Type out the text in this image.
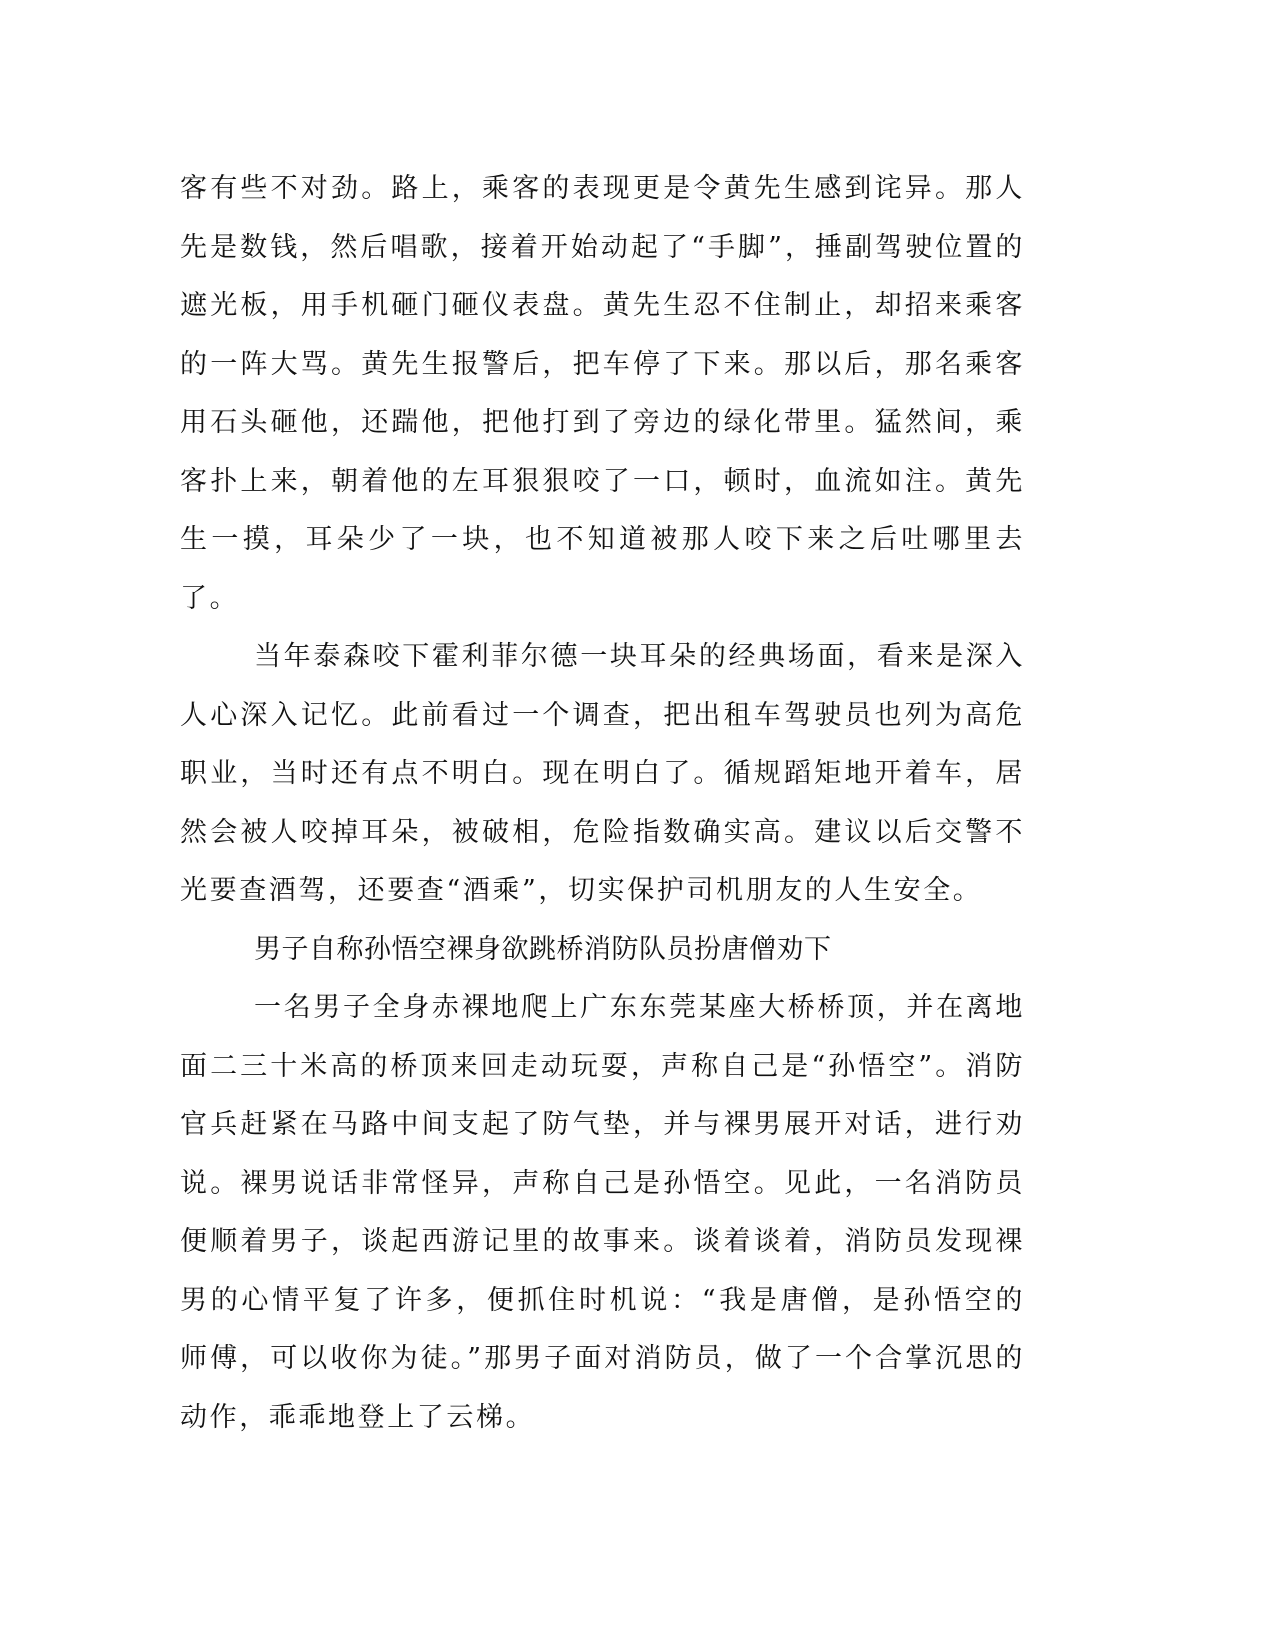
客有些不对劲。路上，乘客的表现更是令黄先生感到诧异。那人先是数钱，然后唱歌，接着开始动起了“手脚”，捶副驾驶位置的遮光板，用手机砸门砸仪表盘。黄先生忍不住制止，却招来乘客的一阵大骂。黄先生报警后，把车停了下来。那以后，那名乘客用石头砸他，还踹他，把他打到了旁边的绿化带里。猛然间，乘客扑上来，朝着他的左耳狠狠咬了一口，顿时，血流如注。黄先生一摸，耳朵少了一块，也不知道被那人咬下来之后吐哪里去了。

当年泰森咬下霍利菲尔德一块耳朵的经典场面，看来是深入人心深入记忆。此前看过一个调查，把出租车驾驶员也列为高危职业，当时还有点不明白。现在明白了。循规蹈矩地开着车，居然会被人咬掉耳朵，被破相，危险指数确实高。建议以后交警不光要查酒驾，还要查“酒乘”，切实保护司机朋友的人生安全。

男子自称孙悟空裸身欲跳桥消防队员扮唐僧劝下

一名男子全身赤裸地爬上广东东莞某座大桥桥顶，并在离地面二三十米高的桥顶来回走动玩耍，声称自己是“孙悟空”。消防官兵赶紧在马路中间支起了防气垫，并与裸男展开对话，进行劝说。裸男说话非常怪异，声称自己是孙悟空。见此，一名消防员便顺着男子，谈起西游记里的故事来。谈着谈着，消防员发现裸男的心情平复了许多，便抓住时机说：“我是唐僧，是孙悟空的师傅，可以收你为徒。”那男子面对消防员，做了一个合掌沉思的动作，乖乖地登上了云梯。
